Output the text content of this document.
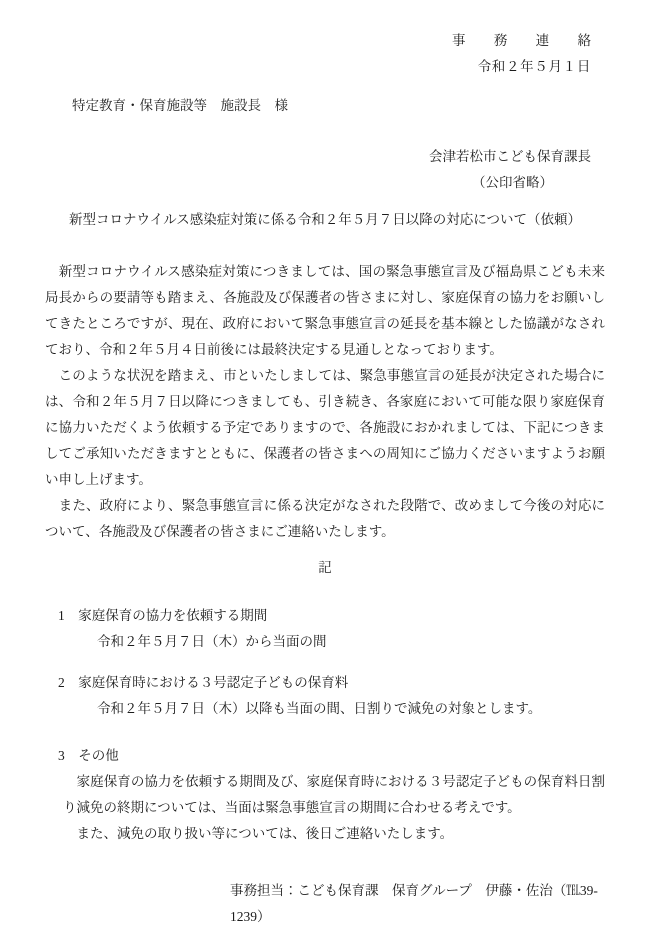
事　務　連　絡
令和２年５月１日
特定教育・保育施設等　施設長　様
会津若松市こども保育課長
（公印省略）
新型コロナウイルス感染症対策に係る令和２年５月７日以降の対応について（依頼）

　新型コロナウイルス感染症対策につきましては、国の緊急事態宣言及び福島県こども未来局長からの要請等も踏まえ、各施設及び保護者の皆さまに対し、家庭保育の協力をお願いしてきたところですが、現在、政府において緊急事態宣言の延長を基本線とした協議がなされており、令和２年５月４日前後には最終決定する見通しとなっております。

　このような状況を踏まえ、市といたしましては、緊急事態宣言の延長が決定された場合には、令和２年５月７日以降につきましても、引き続き、各家庭において可能な限り家庭保育に協力いただくよう依頼する予定でありますので、各施設におかれましては、下記につきましてご承知いただきますとともに、保護者の皆さまへの周知にご協力くださいますようお願い申し上げます。

　また、政府により、緊急事態宣言に係る決定がなされた段階で、改めまして今後の対応について、各施設及び保護者の皆さまにご連絡いたします。

記
1 家庭保育の協力を依頼する期間
令和２年５月７日（木）から当面の間
2 家庭保育時における３号認定子どもの保育料
令和２年５月７日（木）以降も当面の間、日割りで減免の対象とします。
3 その他

　家庭保育の協力を依頼する期間及び、家庭保育時における３号認定子どもの保育料日割り減免の終期については、当面は緊急事態宣言の期間に合わせる考えです。

　また、減免の取り扱い等については、後日ご連絡いたします。

事務担当：こども保育課　保育グループ　伊藤・佐治（℡39-1239）
